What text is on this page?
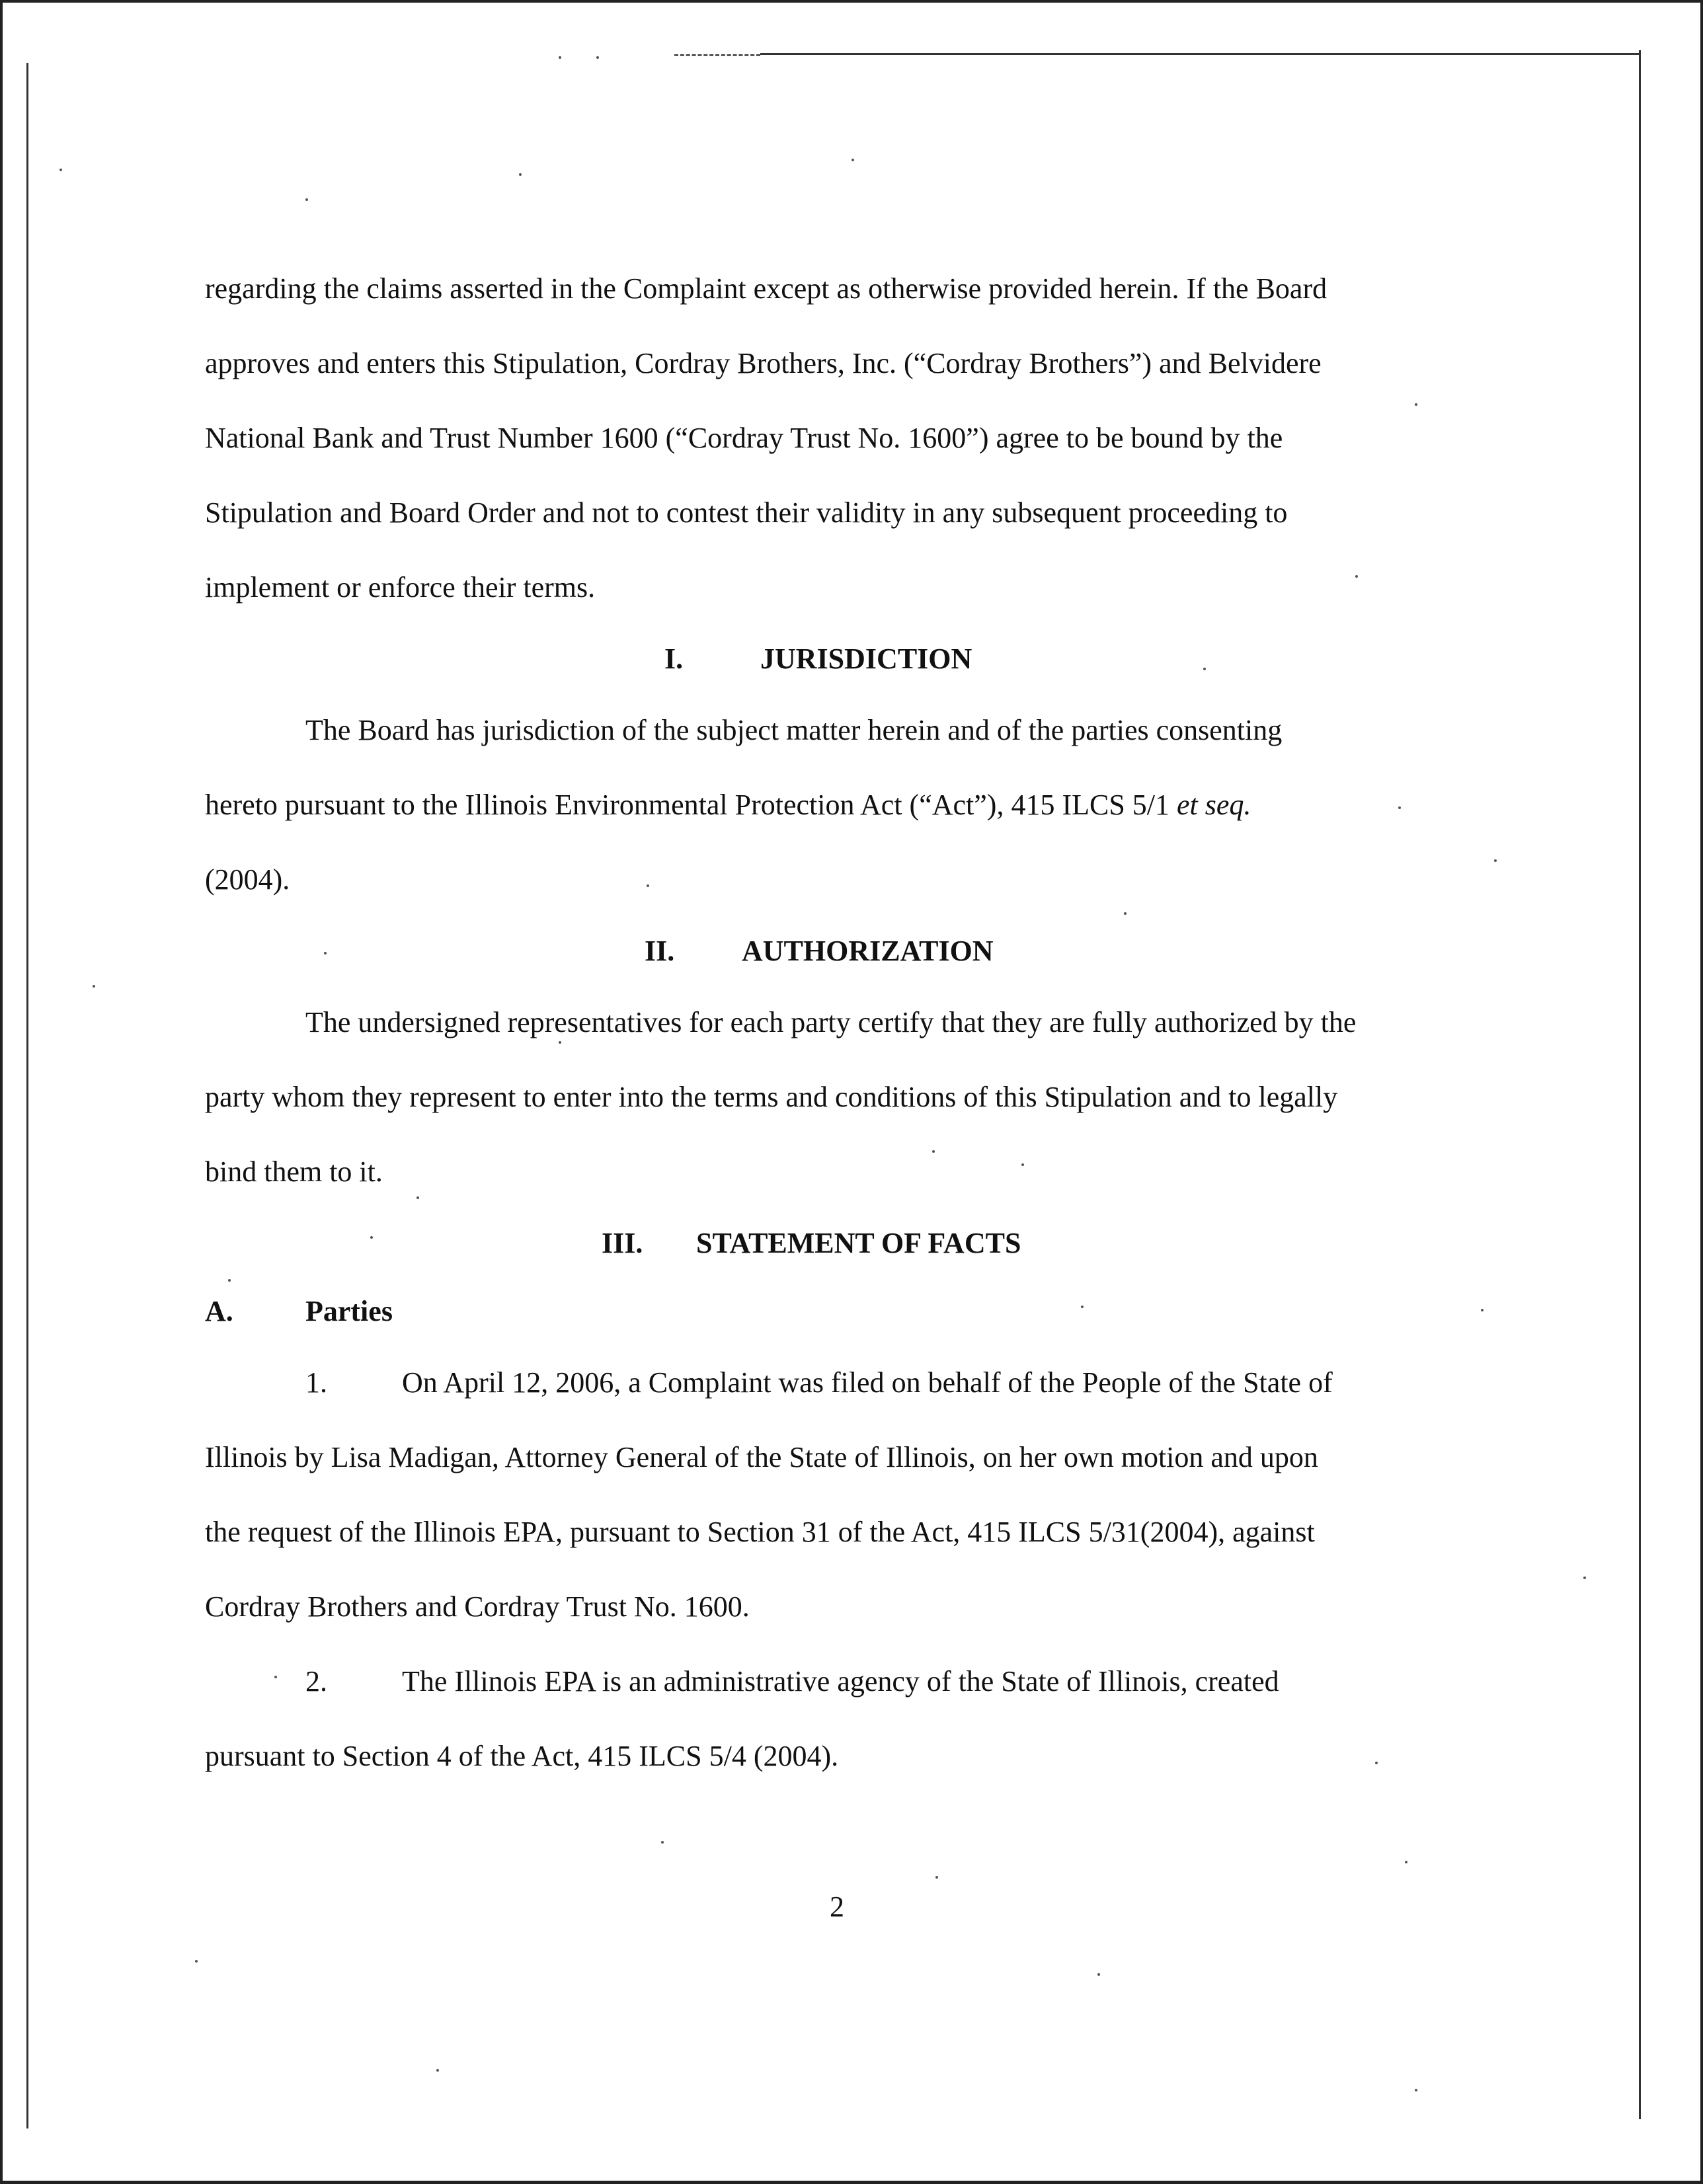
regarding the claims asserted in the Complaint except as otherwise provided herein. If the Board
approves and enters this Stipulation, Cordray Brothers, Inc. (“Cordray Brothers”) and Belvidere
National Bank and Trust Number 1600 (“Cordray Trust No. 1600”) agree to be bound by the
Stipulation and Board Order and not to contest their validity in any subsequent proceeding to
implement or enforce their terms.
I.	JURISDICTION
The Board has jurisdiction of the subject matter herein and of the parties consenting
hereto pursuant to the Illinois Environmental Protection Act (“Act”), 415 ILCS 5/1 et seq.
(2004).
II. AUTHORIZATION
The undersigned representatives for each party certify that they are fully authorized by the
party whom they represent to enter into the terms and conditions of this Stipulation and to legally
bind them to it.
III. STATEMENT OF FACTS
A. Parties
1.	On April 12, 2006, a Complaint was filed on behalf of the People of the State of
Illinois by Lisa Madigan, Attorney General of the State of Illinois, on her own motion and upon
the request of the Illinois EPA, pursuant to Section 31 of the Act, 415 ILCS 5/31(2004), against
Cordray Brothers and Cordray Trust No. 1600.
2.	The Illinois EPA is an administrative agency of the State of Illinois, created
pursuant to Section 4 of the Act, 415 ILCS 5/4 (2004).
2
